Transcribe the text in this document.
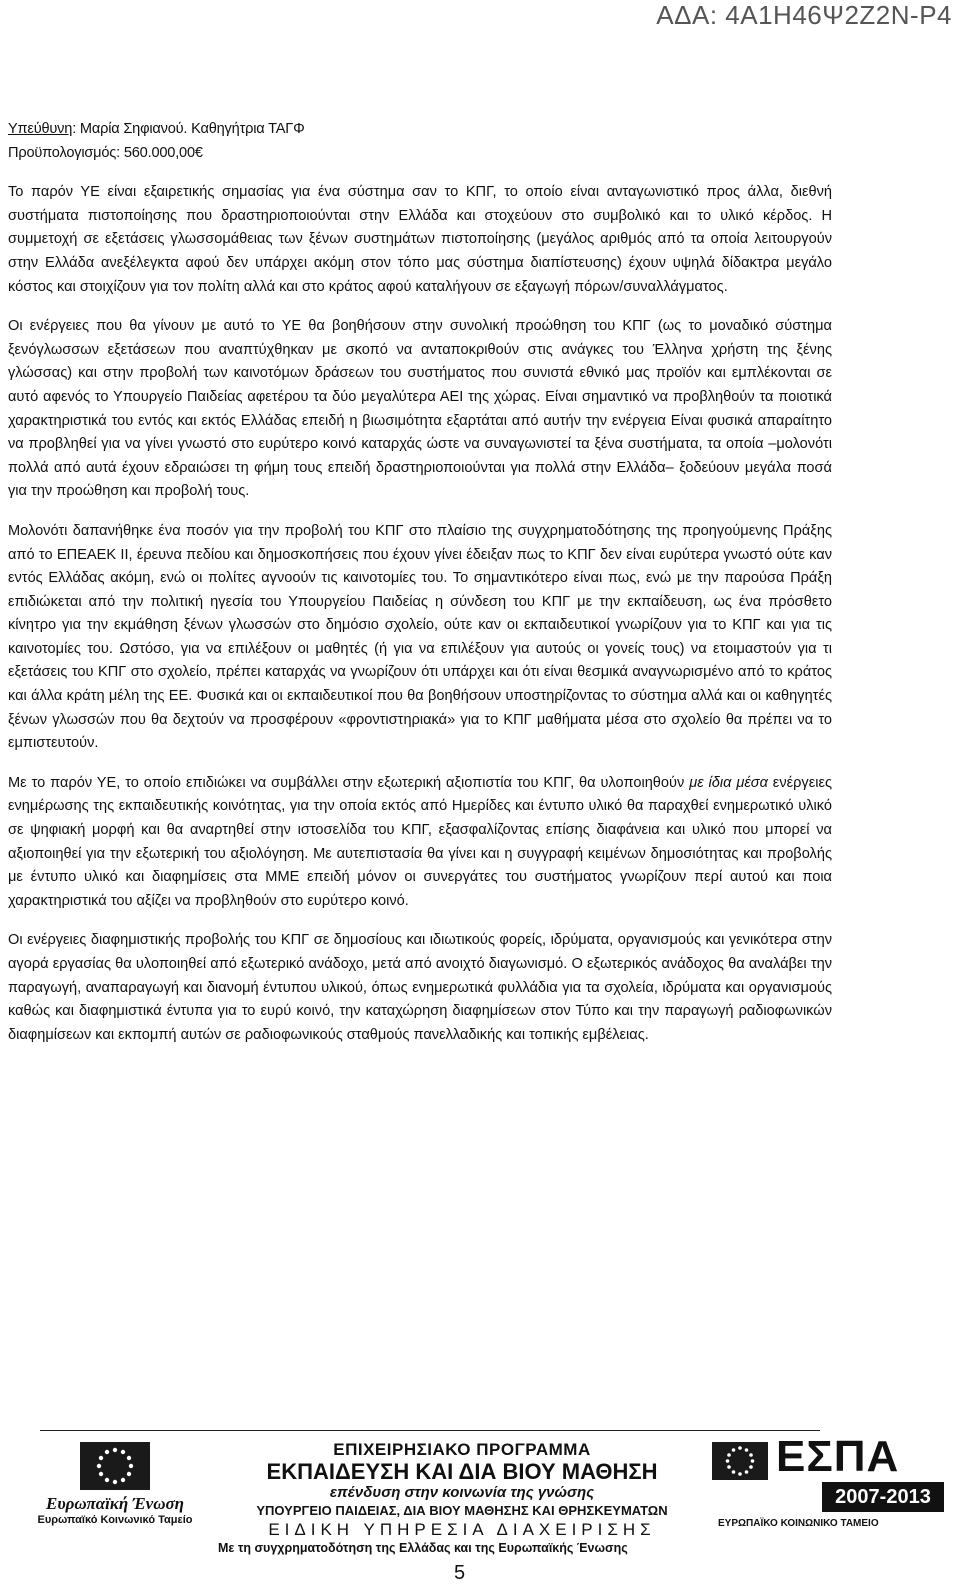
ΑΔΑ: 4Α1Η46Ψ2Ζ2Ν-Ρ4

Υπεύθυνη: Μαρία Σηφιανού. Καθηγήτρια ΤΑΓΦ

Προϋπολογισμός: 560.000,00€

Το παρόν ΥΕ είναι εξαιρετικής σημασίας για ένα σύστημα σαν το ΚΠΓ, το οποίο είναι ανταγωνιστικό προς άλλα, διεθνή συστήματα πιστοποίησης που δραστηριοποιούνται στην Ελλάδα και στοχεύουν στο συμβολικό και το υλικό κέρδος. Η συμμετοχή σε εξετάσεις γλωσσομάθειας των ξένων συστημάτων πιστοποίησης (μεγάλος αριθμός από τα οποία λειτουργούν στην Ελλάδα ανεξέλεγκτα αφού δεν υπάρχει ακόμη στον τόπο μας σύστημα διαπίστευσης) έχουν υψηλά δίδακτρα μεγάλο κόστος και στοιχίζουν για τον πολίτη αλλά και στο κράτος αφού καταλήγουν σε εξαγωγή πόρων/συναλλάγματος.

Οι ενέργειες που θα γίνουν με αυτό το ΥΕ θα βοηθήσουν στην συνολική προώθηση του ΚΠΓ (ως το μοναδικό σύστημα ξενόγλωσσων εξετάσεων που αναπτύχθηκαν με σκοπό να ανταποκριθούν στις ανάγκες του Έλληνα χρήστη της ξένης γλώσσας) και στην προβολή των καινοτόμων δράσεων του συστήματος που συνιστά εθνικό μας προϊόν και εμπλέκονται σε αυτό αφενός το Υπουργείο Παιδείας αφετέρου τα δύο μεγαλύτερα ΑΕΙ της χώρας. Είναι σημαντικό να προβληθούν τα ποιοτικά χαρακτηριστικά του εντός και εκτός Ελλάδας επειδή η βιωσιμότητα εξαρτάται από αυτήν την ενέργεια Είναι φυσικά απαραίτητο να προβληθεί για να γίνει γνωστό στο ευρύτερο κοινό καταρχάς ώστε να συναγωνιστεί τα ξένα συστήματα, τα οποία –μολονότι πολλά από αυτά έχουν εδραιώσει τη φήμη τους επειδή δραστηριοποιούνται για πολλά στην Ελλάδα– ξοδεύουν μεγάλα ποσά για την προώθηση και προβολή τους.

Μολονότι δαπανήθηκε ένα ποσόν για την προβολή του ΚΠΓ στο πλαίσιο της συγχρηματοδότησης της προηγούμενης Πράξης από το ΕΠΕΑΕΚ ΙΙ, έρευνα πεδίου και δημοσκοπήσεις που έχουν γίνει έδειξαν πως το ΚΠΓ δεν είναι ευρύτερα γνωστό ούτε καν εντός Ελλάδας ακόμη, ενώ οι πολίτες αγνοούν τις καινοτομίες του. Το σημαντικότερο είναι πως, ενώ με την παρούσα Πράξη επιδιώκεται από την πολιτική ηγεσία του Υπουργείου Παιδείας η σύνδεση του ΚΠΓ με την εκπαίδευση, ως ένα πρόσθετο κίνητρο για την εκμάθηση ξένων γλωσσών στο δημόσιο σχολείο, ούτε καν οι εκπαιδευτικοί γνωρίζουν για το ΚΠΓ και για τις καινοτομίες του. Ωστόσο, για να επιλέξουν οι μαθητές (ή για να επιλέξουν για αυτούς οι γονείς τους) να ετοιμαστούν για τι εξετάσεις του ΚΠΓ στο σχολείο, πρέπει καταρχάς να γνωρίζουν ότι υπάρχει και ότι είναι θεσμικά αναγνωρισμένο από το κράτος και άλλα κράτη μέλη της ΕΕ. Φυσικά και οι εκπαιδευτικοί που θα βοηθήσουν υποστηρίζοντας το σύστημα αλλά και οι καθηγητές ξένων γλωσσών που θα δεχτούν να προσφέρουν «φροντιστηριακά» για το ΚΠΓ μαθήματα μέσα στο σχολείο θα πρέπει να το εμπιστευτούν.

Με το παρόν ΥΕ, το οποίο επιδιώκει να συμβάλλει στην εξωτερική αξιοπιστία του ΚΠΓ, θα υλοποιηθούν με ίδια μέσα ενέργειες ενημέρωσης της εκπαιδευτικής κοινότητας, για την οποία εκτός από Ημερίδες και έντυπο υλικό θα παραχθεί ενημερωτικό υλικό σε ψηφιακή μορφή και θα αναρτηθεί στην ιστοσελίδα του ΚΠΓ, εξασφαλίζοντας επίσης διαφάνεια και υλικό που μπορεί να αξιοποιηθεί για την εξωτερική του αξιολόγηση. Με αυτεπιστασία θα γίνει και η συγγραφή κειμένων δημοσιότητας και προβολής με έντυπο υλικό και διαφημίσεις στα ΜΜΕ επειδή μόνον οι συνεργάτες του συστήματος γνωρίζουν περί αυτού και ποια χαρακτηριστικά του αξίζει να προβληθούν στο ευρύτερο κοινό.

Οι ενέργειες διαφημιστικής προβολής του ΚΠΓ σε δημοσίους και ιδιωτικούς φορείς, ιδρύματα, οργανισμούς και γενικότερα στην αγορά εργασίας θα υλοποιηθεί από εξωτερικό ανάδοχο, μετά από ανοιχτό διαγωνισμό. Ο εξωτερικός ανάδοχος θα αναλάβει την παραγωγή, αναπαραγωγή και διανομή έντυπου υλικού, όπως ενημερωτικά φυλλάδια για τα σχολεία, ιδρύματα και οργανισμούς καθώς και διαφημιστικά έντυπα για το ευρύ κοινό, την καταχώρηση διαφημίσεων στον Τύπο και την παραγωγή ραδιοφωνικών διαφημίσεων και εκπομπή αυτών σε ραδιοφωνικούς σταθμούς πανελλαδικής και τοπικής εμβέλειας.

Ευρωπαϊκή Ένωση
Ευρωπαϊκό Κοινωνικό Ταμείο
ΕΠΙΧΕΙΡΗΣΙΑΚΟ ΠΡΟΓΡΑΜΜΑ
ΕΚΠΑΙΔΕΥΣΗ ΚΑΙ ΔΙΑ ΒΙΟΥ ΜΑΘΗΣΗ
επένδυση στην κοινωνία της γνώσης
ΥΠΟΥΡΓΕΙΟ ΠΑΙΔΕΙΑΣ, ΔΙΑ ΒΙΟΥ ΜΑΘΗΣΗΣ ΚΑΙ ΘΡΗΣΚΕΥΜΑΤΩΝ
ΕΙΔΙΚΗ ΥΠΗΡΕΣΙΑ ΔΙΑΧΕΙΡΙΣΗΣ
ΕΣΠΑ
2007-2013
ΕΥΡΩΠΑΪΚΟ ΚΟΙΝΩΝΙΚΟ ΤΑΜΕΙΟ
Με τη συγχρηματοδότηση της Ελλάδας και της Ευρωπαϊκής Ένωσης
5
